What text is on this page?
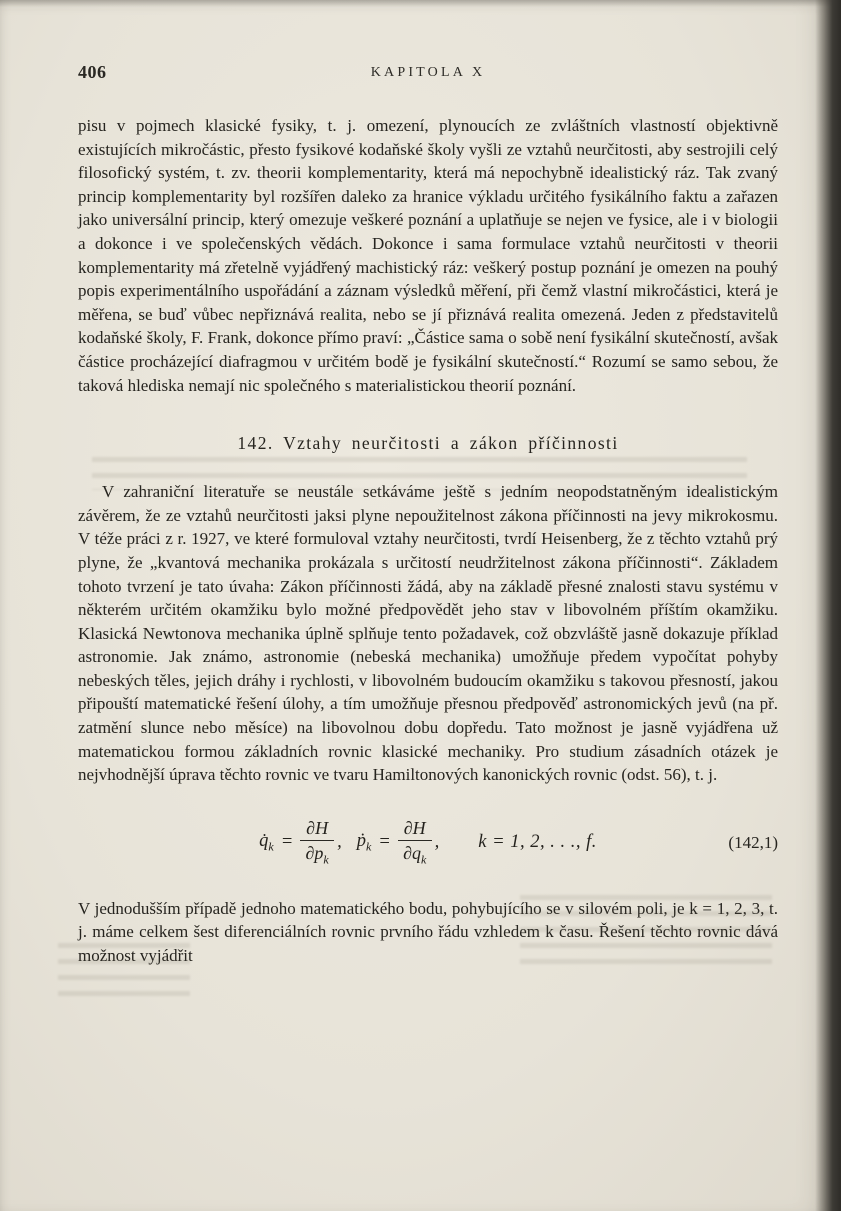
406	KAPITOLA X

pisu v pojmech klasické fysiky, t. j. omezení, plynoucích ze zvláštních vlastností objektivně existujících mikročástic, přesto fysikové kodaňské školy vyšli ze vztahů neurčitosti, aby sestrojili celý filosofický systém, t. zv. theorii komplementarity, která má nepochybně idealistický ráz. Tak zvaný princip komplementarity byl rozšířen daleko za hranice výkladu určitého fysikálního faktu a zařazen jako universální princip, který omezuje veškeré poznání a uplatňuje se nejen ve fysice, ale i v biologii a dokonce i ve společenských vědách. Dokonce i sama formulace vztahů neurčitosti v theorii komplementarity má zřetelně vyjádřený machistický ráz: veškerý postup poznání je omezen na pouhý popis experimentálního uspořádání a záznam výsledků měření, při čemž vlastní mikročástici, která je měřena, se buď vůbec nepřiznává realita, nebo se jí přiznává realita omezená. Jeden z představitelů kodaňské školy, F. Frank, dokonce přímo praví: „Částice sama o sobě není fysikální skutečností, avšak částice procházející diafragmou v určitém bodě je fysikální skutečností.“ Rozumí se samo sebou, že taková hlediska nemají nic společného s materialistickou theorií poznání.

142. Vztahy neurčitosti a zákon příčinnosti

V zahraniční literatuře se neustále setkáváme ještě s jedním neopodstatněným idealistickým závěrem, že ze vztahů neurčitosti jaksi plyne nepoužitelnost zákona příčinnosti na jevy mikrokosmu. V téže práci z r. 1927, ve které formuloval vztahy neurčitosti, tvrdí Heisenberg, že z těchto vztahů prý plyne, že „kvantová mechanika prokázala s určitostí neudržitelnost zákona příčinnosti“. Základem tohoto tvrzení je tato úvaha: Zákon příčinnosti žádá, aby na základě přesné znalosti stavu systému v některém určitém okamžiku bylo možné předpovědět jeho stav v libovolném příštím okamžiku. Klasická Newtonova mechanika úplně splňuje tento požadavek, což obzvláště jasně dokazuje příklad astronomie. Jak známo, astronomie (nebeská mechanika) umožňuje předem vypočítat pohyby nebeských těles, jejich dráhy i rychlosti, v libovolném budoucím okamžiku s takovou přesností, jakou připouští matematické řešení úlohy, a tím umožňuje přesnou předpověď astronomických jevů (na př. zatmění slunce nebo měsíce) na libovolnou dobu dopředu. Tato možnost je jasně vyjádřena už matematickou formou základních rovnic klasické mechaniky. Pro studium zásadních otázek je nejvhodnější úprava těchto rovnic ve tvaru Hamiltonových kanonických rovnic (odst. 56), t. j.

$q̇_k = \frac{\partial H}{\partial p_k}$ , ṗ$_k$ = $\frac{\partial H}{\partial q_k}$ , k = 1, 2, . . ., f.	(142,1)

V jednodušším případě jednoho matematického bodu, pohybujícího se v silovém poli, je k = 1, 2, 3, t. j. máme celkem šest diferenciálních rovnic prvního řádu vzhledem k času. Řešení těchto rovnic dává možnost vyjádřit
